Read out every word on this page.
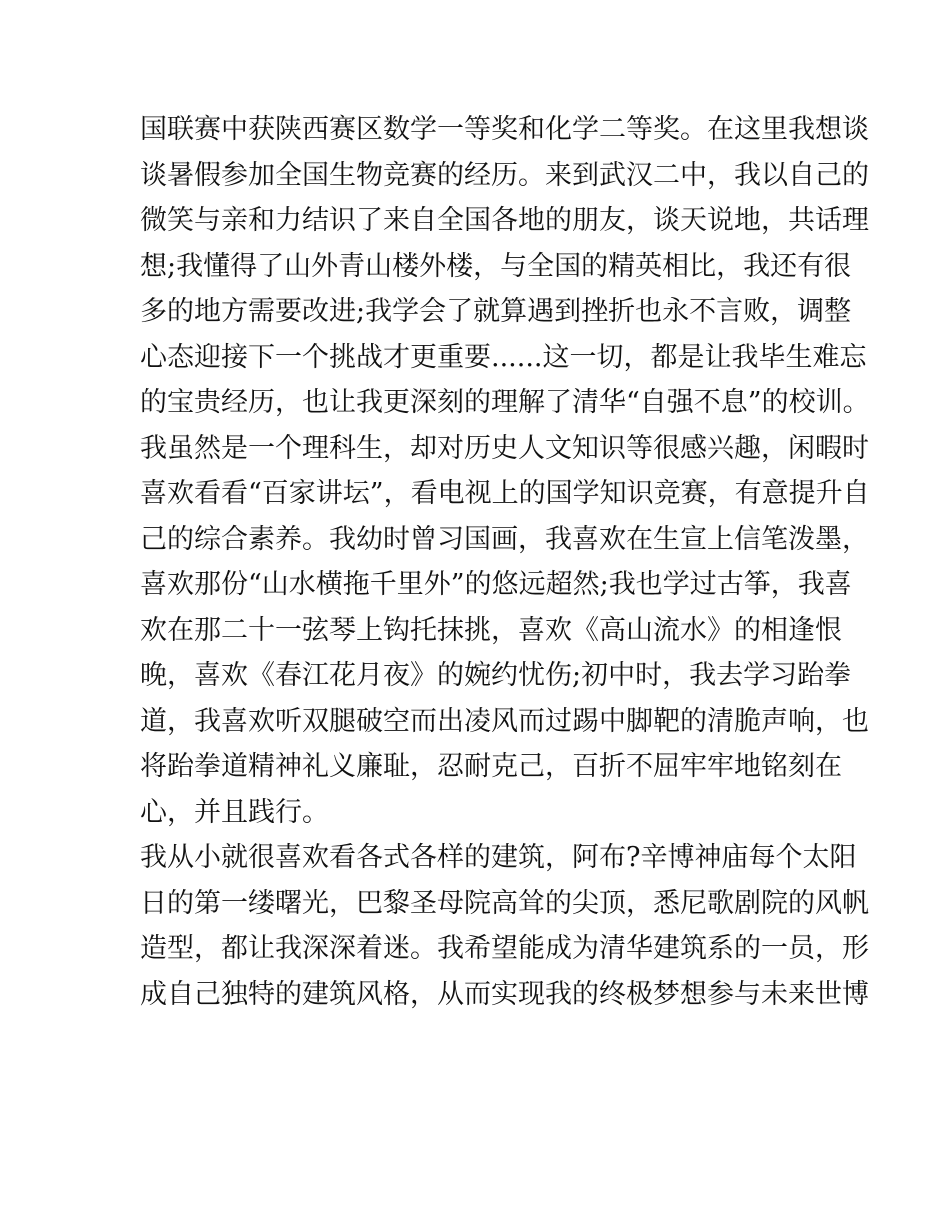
国联赛中获陕西赛区数学一等奖和化学二等奖。在这里我想谈
谈暑假参加全国生物竞赛的经历。来到武汉二中，我以自己的
微笑与亲和力结识了来自全国各地的朋友，谈天说地，共话理
想;我懂得了山外青山楼外楼，与全国的精英相比，我还有很
多的地方需要改进;我学会了就算遇到挫折也永不言败，调整
心态迎接下一个挑战才更重要......这一切，都是让我毕生难忘
的宝贵经历，也让我更深刻的理解了清华“自强不息”的校训。
我虽然是一个理科生，却对历史人文知识等很感兴趣，闲暇时
喜欢看看“百家讲坛”，看电视上的国学知识竞赛，有意提升自
己的综合素养。我幼时曾习国画，我喜欢在生宣上信笔泼墨，
喜欢那份“山水横拖千里外”的悠远超然;我也学过古筝，我喜
欢在那二十一弦琴上钩托抹挑，喜欢《高山流水》的相逢恨
晚，喜欢《春江花月夜》的婉约忧伤;初中时，我去学习跆拳
道，我喜欢听双腿破空而出凌风而过踢中脚靶的清脆声响，也
将跆拳道精神礼义廉耻，忍耐克己，百折不屈牢牢地铭刻在
心，并且践行。
我从小就很喜欢看各式各样的建筑，阿布?辛博神庙每个太阳
日的第一缕曙光，巴黎圣母院高耸的尖顶，悉尼歌剧院的风帆
造型，都让我深深着迷。我希望能成为清华建筑系的一员，形
成自己独特的建筑风格，从而实现我的终极梦想参与未来世博
